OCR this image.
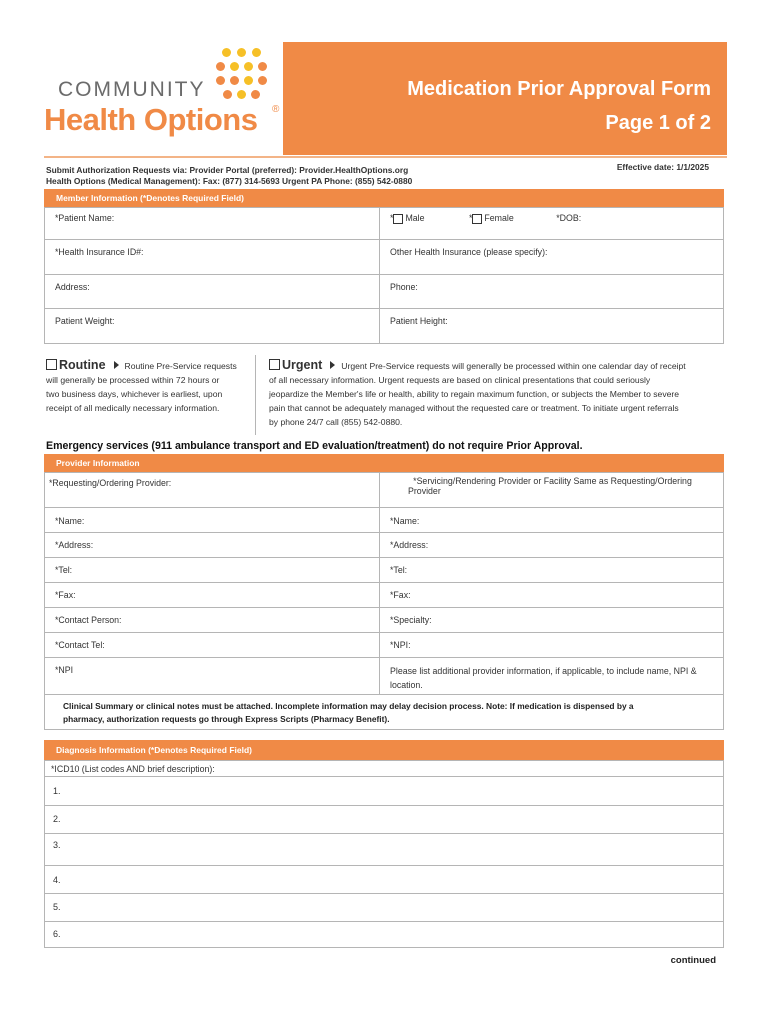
COMMUNITY
Health Options ®
Medication Prior Approval Form
Page 1 of 2
Submit Authorization Requests via: Provider Portal (preferred): Provider.HealthOptions.org
Health Options (Medical Management): Fax: (877) 314-5693 Urgent PA Phone: (855) 542-0880
Effective date: 1/1/2025
Member Information (*Denotes Required Field)
*Patient Name:	* Male * Female *DOB:
*Health Insurance ID#:	Other Health Insurance (please specify):
Address:	Phone:
Patient Weight:	Patient Height:
Routine Routine Pre-Service requests
will generally be processed within 72 hours or
two business days, whichever is earliest, upon
receipt of all medically necessary information.
Urgent Urgent Pre-Service requests will generally be processed within one calendar day of receipt
of all necessary information. Urgent requests are based on clinical presentations that could seriously
jeopardize the Member's life or health, ability to regain maximum function, or subjects the Member to severe
pain that cannot be adequately managed without the requested care or treatment. To initiate urgent referrals
by phone 24/7 call (855) 542-0880.
Emergency services (911 ambulance transport and ED evaluation/treatment) do not require Prior Approval.
Provider Information
*Requesting/Ordering Provider:	*Servicing/Rendering Provider or Facility Same as Requesting/Ordering
Provider

*Name:	*Name:
*Address:	*Address:
*Tel:	*Tel:
*Fax:	*Fax:
*Contact Person:	*Specialty:
*Contact Tel:	*NPI:
*NPI	Please list additional provider information, if applicable, to include name, NPI &
location.
Clinical Summary or clinical notes must be attached. Incomplete information may delay decision process. Note: If medication is dispensed by a
pharmacy, authorization requests go through Express Scripts (Pharmacy Benefit).
Diagnosis Information (*Denotes Required Field)
*ICD10 (List codes AND brief description):
1.
2.
3.
4.
5.
6.
continued
